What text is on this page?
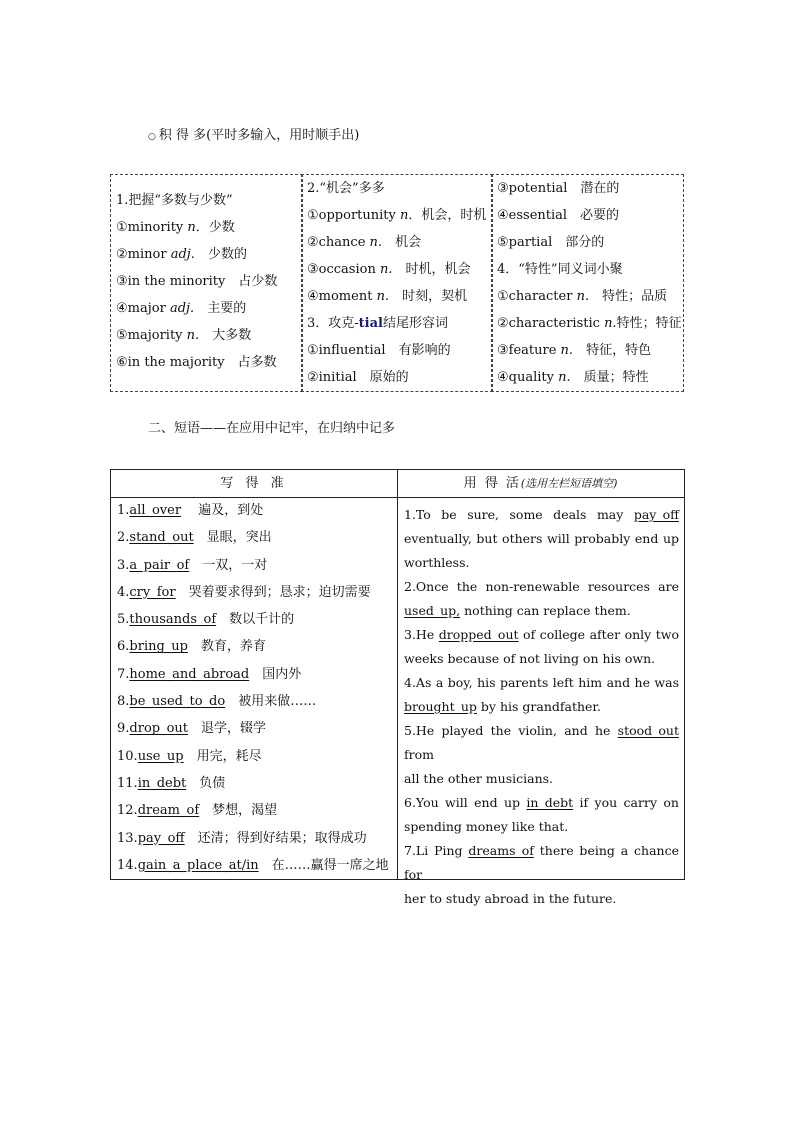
○ 积 得 多(平时多输入，用时顺手出)
1.把握“多数与少数”
①minority n．少数
②minor adj.　少数的
③in the minority　占少数
④major adj.　主要的
⑤majority n.　大多数
⑥in the majority　占多数
2.“机会”多多
①opportunity n．机会，时机
②chance n.　机会
③occasion n.　时机，机会
④moment n.　时刻，契机
3．攻克-tial结尾形容词
①influential　有影响的
②initial　原始的
③potential　潜在的
④essential　必要的
⑤partial　部分的
4．“特性”同义词小聚
①character n.　特性；品质
②characteristic n.特性；特征
③feature n.　特征，特色
④quality n.　质量；特性
二、短语——在应用中记牢，在归纳中记多
写 得 准	用 得 活(选用左栏短语填空)
1.all_over　 遍及，到处
2.stand_out　显眼，突出
3.a_pair_of　一双，一对
4.cry_for　哭着要求得到；恳求；迫切需要
5.thousands_of　数以千计的
6.bring_up　教育，养育
7.home_and_abroad　国内外
8.be_used_to_do　被用来做……
9.drop_out　退学，辍学
10.use_up　用完，耗尽
11.in_debt　负债
12.dream_of　梦想，渴望
13.pay_off　还清；得到好结果；取得成功
14.gain_a_place_at/in　在……赢得一席之地
1.To be sure, some deals may pay_off
eventually, but others will probably end up
worthless.
2.Once the non-renewable resources are
used_up, nothing can replace them.
3.He dropped_out of college after only two
weeks because of not living on his own.
4.As a boy, his parents left him and he was
brought_up by his grandfather.
5.He played the violin, and he stood_out from
all the other musicians.
6.You will end up in_debt if you carry on
spending money like that.
7.Li Ping dreams_of there being a chance for
her to study abroad in the future.
